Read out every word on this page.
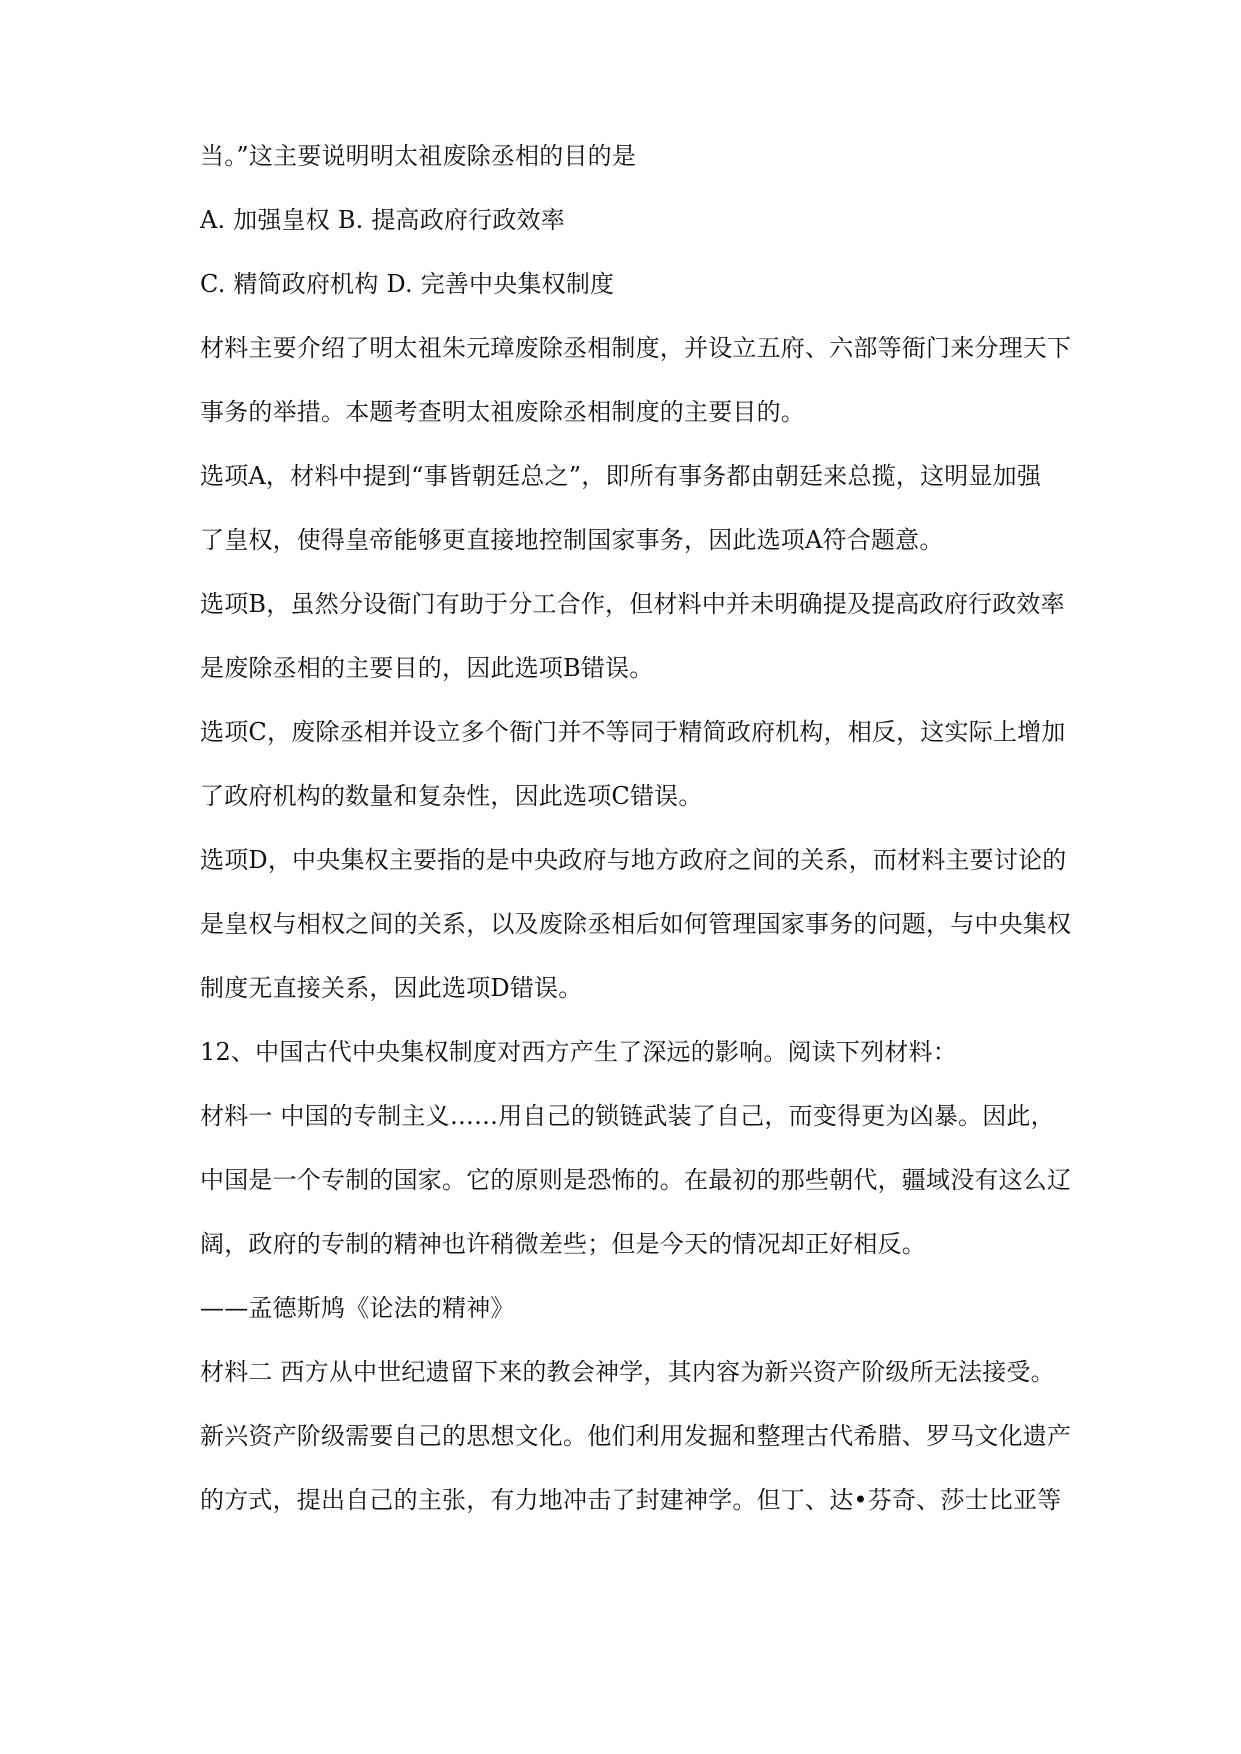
当。”这主要说明明太祖废除丞相的目的是
A. 加强皇权 B. 提高政府行政效率
C. 精简政府机构 D. 完善中央集权制度
材料主要介绍了明太祖朱元璋废除丞相制度，并设立五府、六部等衙门来分理天下
事务的举措。本题考查明太祖废除丞相制度的主要目的。
选项A，材料中提到“事皆朝廷总之”，即所有事务都由朝廷来总揽，这明显加强
了皇权，使得皇帝能够更直接地控制国家事务，因此选项A符合题意。
选项B，虽然分设衙门有助于分工合作，但材料中并未明确提及提高政府行政效率
是废除丞相的主要目的，因此选项B错误。
选项C，废除丞相并设立多个衙门并不等同于精简政府机构，相反，这实际上增加
了政府机构的数量和复杂性，因此选项C错误。
选项D，中央集权主要指的是中央政府与地方政府之间的关系，而材料主要讨论的
是皇权与相权之间的关系，以及废除丞相后如何管理国家事务的问题，与中央集权
制度无直接关系，因此选项D错误。
12、中国古代中央集权制度对西方产生了深远的影响。阅读下列材料：
材料一 中国的专制主义……用自己的锁链武装了自己，而变得更为凶暴。因此，
中国是一个专制的国家。它的原则是恐怖的。在最初的那些朝代，疆域没有这么辽
阔，政府的专制的精神也许稍微差些；但是今天的情况却正好相反。
——孟德斯鸠《论法的精神》
材料二 西方从中世纪遗留下来的教会神学，其内容为新兴资产阶级所无法接受。
新兴资产阶级需要自己的思想文化。他们利用发掘和整理古代希腊、罗马文化遗产
的方式，提出自己的主张，有力地冲击了封建神学。但丁、达•芬奇、莎士比亚等
